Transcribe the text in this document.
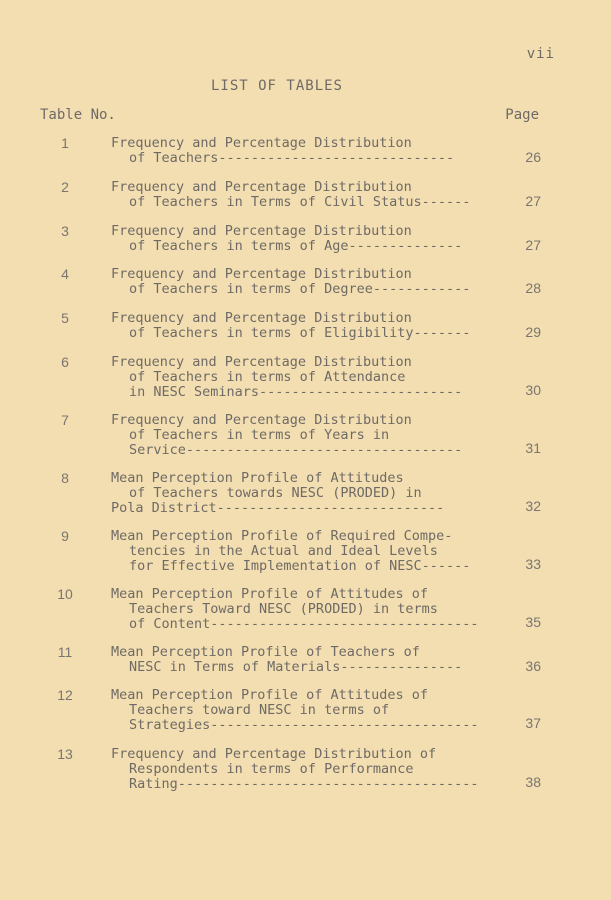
vii
LIST OF TABLES
Table No.	Page
1	Frequency and Percentage Distribution
of Teachers-----------------------------	26
2	Frequency and Percentage Distribution
of Teachers in Terms of Civil Status------	27
3	Frequency and Percentage Distribution
of Teachers in terms of Age--------------	27
4	Frequency and Percentage Distribution
of Teachers in terms of Degree------------	28
5	Frequency and Percentage Distribution
of Teachers in terms of Eligibility-------	29
6	Frequency and Percentage Distribution
of Teachers in terms of Attendance
in NESC Seminars-------------------------	30
7	Frequency and Percentage Distribution
of Teachers in terms of Years in
Service----------------------------------	31
8	Mean Perception Profile of Attitudes
of Teachers towards NESC (PRODED) in
Pola District----------------------------	32
9	Mean Perception Profile of Required Compe-
tencies in the Actual and Ideal Levels
for Effective Implementation of NESC------	33
10	Mean Perception Profile of Attitudes of
Teachers Toward NESC (PRODED) in terms
of Content---------------------------------	35
11	Mean Perception Profile of Teachers of
NESC in Terms of Materials---------------	36
12	Mean Perception Profile of Attitudes of
Teachers toward NESC in terms of
Strategies---------------------------------	37
13	Frequency and Percentage Distribution of
Respondents in terms of Performance
Rating-------------------------------------	38
